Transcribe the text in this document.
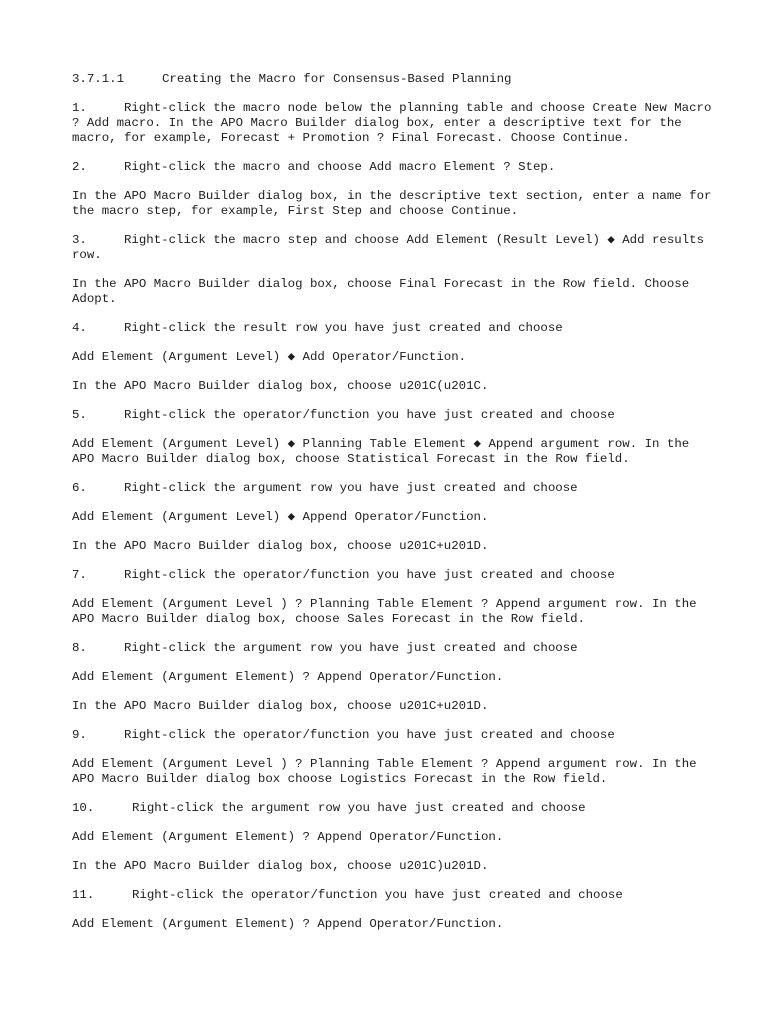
3.7.1.1	Creating the Macro for Consensus-Based Planning

1.	Right-click the macro node below the planning table and choose Create New Macro ? Add macro. In the APO Macro Builder dialog box, enter a descriptive text for the macro, for example, Forecast + Promotion ? Final Forecast. Choose Continue.

2.	Right-click the macro and choose Add macro Element ? Step.

In the APO Macro Builder dialog box, in the descriptive text section, enter a name for the macro step, for example, First Step and choose Continue.

3.	Right-click the macro step and choose Add Element (Result Level) ◆ Add results row.

In the APO Macro Builder dialog box, choose Final Forecast in the Row field. Choose Adopt.

4.	Right-click the result row you have just created and choose

Add Element (Argument Level) ◆ Add Operator/Function.

In the APO Macro Builder dialog box, choose u201C(u201C.

5.	Right-click the operator/function you have just created and choose

Add Element (Argument Level) ◆ Planning Table Element ◆ Append argument row. In the APO Macro Builder dialog box, choose Statistical Forecast in the Row field.

6.	Right-click the argument row you have just created and choose

Add Element (Argument Level) ◆ Append Operator/Function.

In the APO Macro Builder dialog box, choose u201C+u201D.

7.	Right-click the operator/function you have just created and choose

Add Element (Argument Level ) ? Planning Table Element ? Append argument row. In the APO Macro Builder dialog box, choose Sales Forecast in the Row field.

8.	Right-click the argument row you have just created and choose

Add Element (Argument Element) ? Append Operator/Function.

In the APO Macro Builder dialog box, choose u201C+u201D.

9.	Right-click the operator/function you have just created and choose

Add Element (Argument Level ) ? Planning Table Element ? Append argument row. In the APO Macro Builder dialog box choose Logistics Forecast in the Row field.

10.	Right-click the argument row you have just created and choose

Add Element (Argument Element) ? Append Operator/Function.

In the APO Macro Builder dialog box, choose u201C)u201D.

11.	Right-click the operator/function you have just created and choose

Add Element (Argument Element) ? Append Operator/Function.
